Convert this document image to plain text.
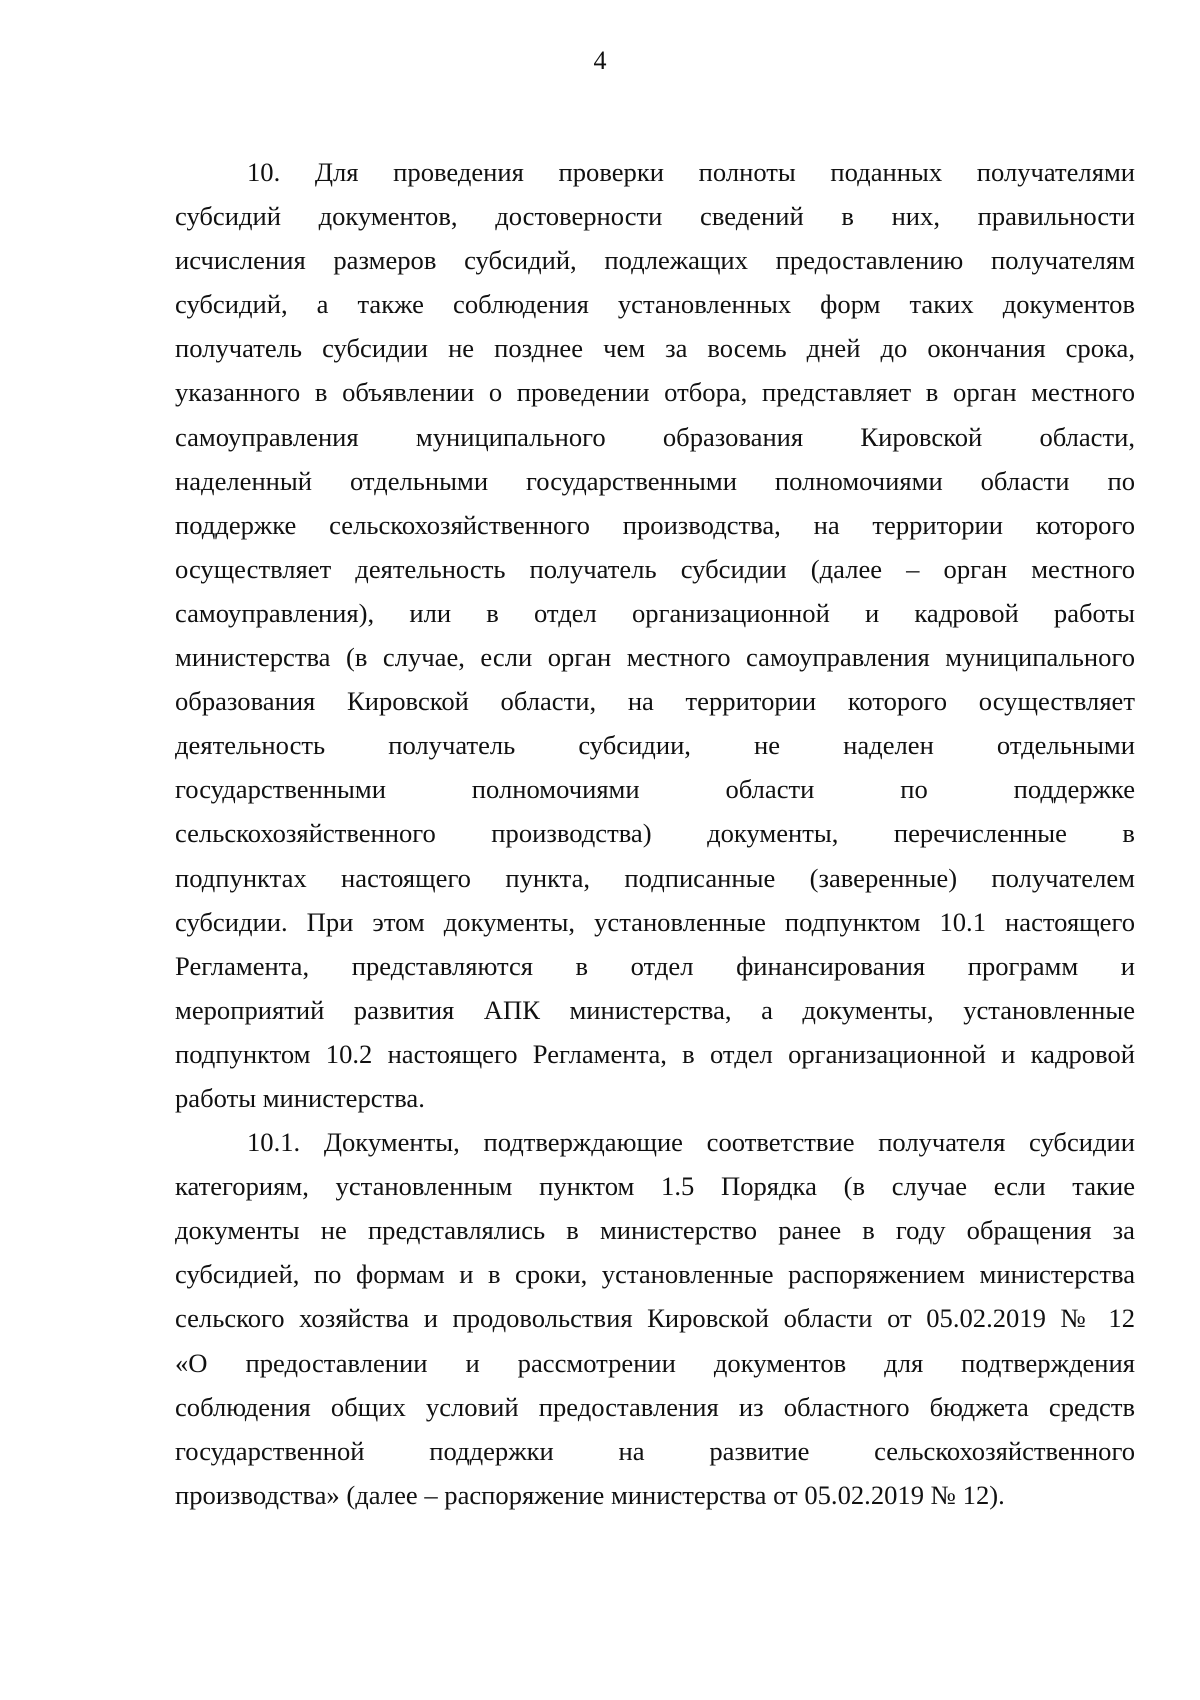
4
10. Для проведения проверки полноты поданных получателями
субсидий документов, достоверности сведений в них, правильности
исчисления размеров субсидий, подлежащих предоставлению получателям
субсидий, а также соблюдения установленных форм таких документов
получатель субсидии не позднее чем за восемь дней до окончания срока,
указанного в объявлении о проведении отбора, представляет в орган местного
самоуправления муниципального образования Кировской области,
наделенный отдельными государственными полномочиями области по
поддержке сельскохозяйственного производства, на территории которого
осуществляет деятельность получатель субсидии (далее – орган местного
самоуправления), или в отдел организационной и кадровой работы
министерства (в случае, если орган местного самоуправления муниципального
образования Кировской области, на территории которого осуществляет
деятельность получатель субсидии, не наделен отдельными
государственными полномочиями области по поддержке
сельскохозяйственного производства) документы, перечисленные в
подпунктах настоящего пункта, подписанные (заверенные) получателем
субсидии. При этом документы, установленные подпунктом 10.1 настоящего
Регламента, представляются в отдел финансирования программ и
мероприятий развития АПК министерства, а документы, установленные
подпунктом 10.2 настоящего Регламента, в отдел организационной и кадровой
работы министерства.
10.1. Документы, подтверждающие соответствие получателя субсидии
категориям, установленным пунктом 1.5 Порядка (в случае если такие
документы не представлялись в министерство ранее в году обращения за
субсидией, по формам и в сроки, установленные распоряжением министерства
сельского хозяйства и продовольствия Кировской области от 05.02.2019 № 12
«О предоставлении и рассмотрении документов для подтверждения
соблюдения общих условий предоставления из областного бюджета средств
государственной поддержки на развитие сельскохозяйственного
производства» (далее – распоряжение министерства от 05.02.2019 № 12).
